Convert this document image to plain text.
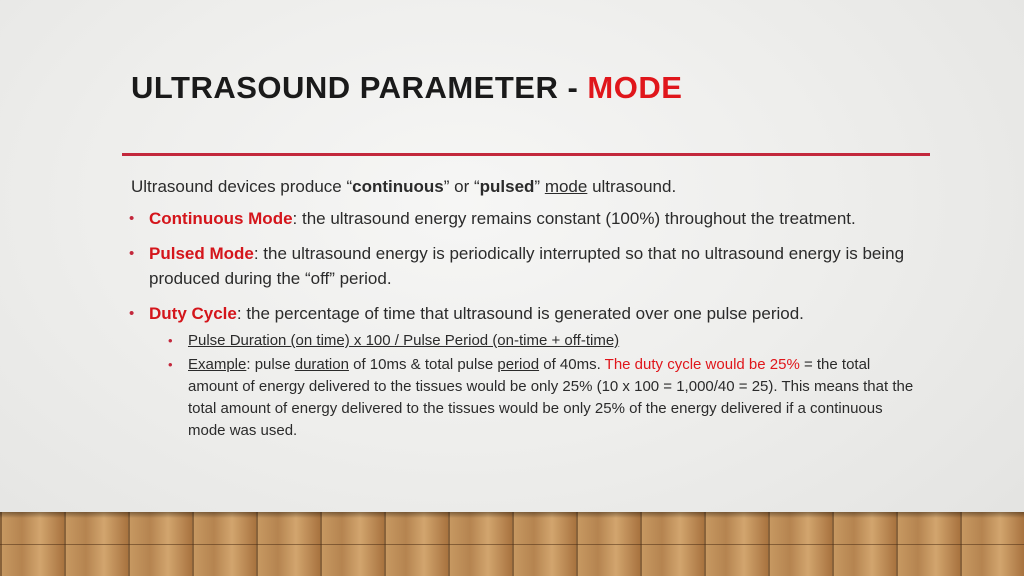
ULTRASOUND PARAMETER - MODE
Ultrasound devices produce “continuous” or “pulsed” mode ultrasound.
• Continuous Mode: the ultrasound energy remains constant (100%) throughout the treatment.
• Pulsed Mode: the ultrasound energy is periodically interrupted so that no ultrasound energy is being produced during the “off” period.
• Duty Cycle: the percentage of time that ultrasound is generated over one pulse period.
• Pulse Duration (on time) x 100 / Pulse Period (on-time + off-time)
• Example: pulse duration of 10ms & total pulse period of 40ms. The duty cycle would be 25% = the total amount of energy delivered to the tissues would be only 25% (10 x 100 = 1,000/40 = 25). This means that the total amount of energy delivered to the tissues would be only 25% of the energy delivered if a continuous mode was used.
